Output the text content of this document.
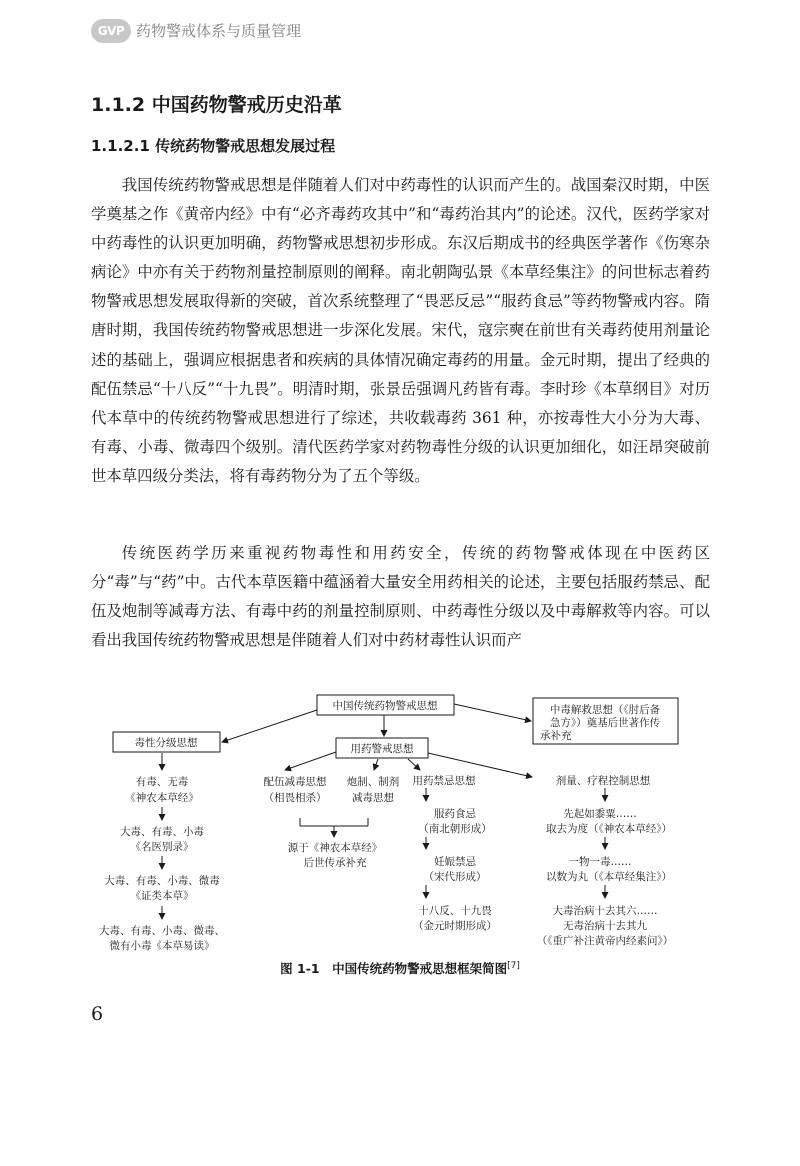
GVP 药物警戒体系与质量管理
1.1.2 中国药物警戒历史沿革
1.1.2.1 传统药物警戒思想发展过程

我国传统药物警戒思想是伴随着人们对中药毒性的认识而产生的。战国秦汉时期，中医学奠基之作《黄帝内经》中有“必齐毒药攻其中”和“毒药治其内”的论述。汉代，医药学家对中药毒性的认识更加明确，药物警戒思想初步形成。东汉后期成书的经典医学著作《伤寒杂病论》中亦有关于药物剂量控制原则的阐释。南北朝陶弘景《本草经集注》的问世标志着药物警戒思想发展取得新的突破，首次系统整理了“畏恶反忌”“服药食忌”等药物警戒内容。隋唐时期，我国传统药物警戒思想进一步深化发展。宋代，寇宗奭在前世有关毒药使用剂量论述的基础上，强调应根据患者和疾病的具体情况确定毒药的用量。金元时期，提出了经典的配伍禁忌“十八反”“十九畏”。明清时期，张景岳强调凡药皆有毒。李时珍《本草纲目》对历代本草中的传统药物警戒思想进行了综述，共收载毒药 361 种，亦按毒性大小分为大毒、有毒、小毒、微毒四个级别。清代医药学家对药物毒性分级的认识更加细化，如汪昂突破前世本草四级分类法，将有毒药物分为了五个等级。

传统医药学历来重视药物毒性和用药安全，传统的药物警戒体现在中医药区分“毒”与“药”中。古代本草医籍中蕴涵着大量安全用药相关的论述，主要包括服药禁忌、配伍及炮制等减毒方法、有毒中药的剂量控制原则、中药毒性分级以及中毒解救等内容。可以看出我国传统药物警戒思想是伴随着人们对中药材毒性认识而产

中国传统药物警戒思想
毒性分级思想	用药警戒思想
中毒解救思想（《肘后备
急方》）奠基后世著作传
承补充
有毒、无毒
《神农本草经》
大毒、有毒、小毒
《名医别录》
大毒、有毒、小毒、微毒
《证类本草》
大毒、有毒、小毒、微毒、
微有小毒《本草易读》
配伍减毒思想
（相畏相杀）
炮制、制剂
减毒思想
源于《神农本草经》
后世传承补充
用药禁忌思想
服药食忌
（南北朝形成）
妊娠禁忌
（宋代形成）
十八反、十九畏
（金元时期形成）
剂量、疗程控制思想
先起如黍粟……
取去为度（《神农本草经》）
一物一毒……
以数为丸（《本草经集注》）
大毒治病十去其六……
无毒治病十去其九
（《重广补注黄帝内经素问》）
图 1-1　中国传统药物警戒思想框架简图[7]
6
